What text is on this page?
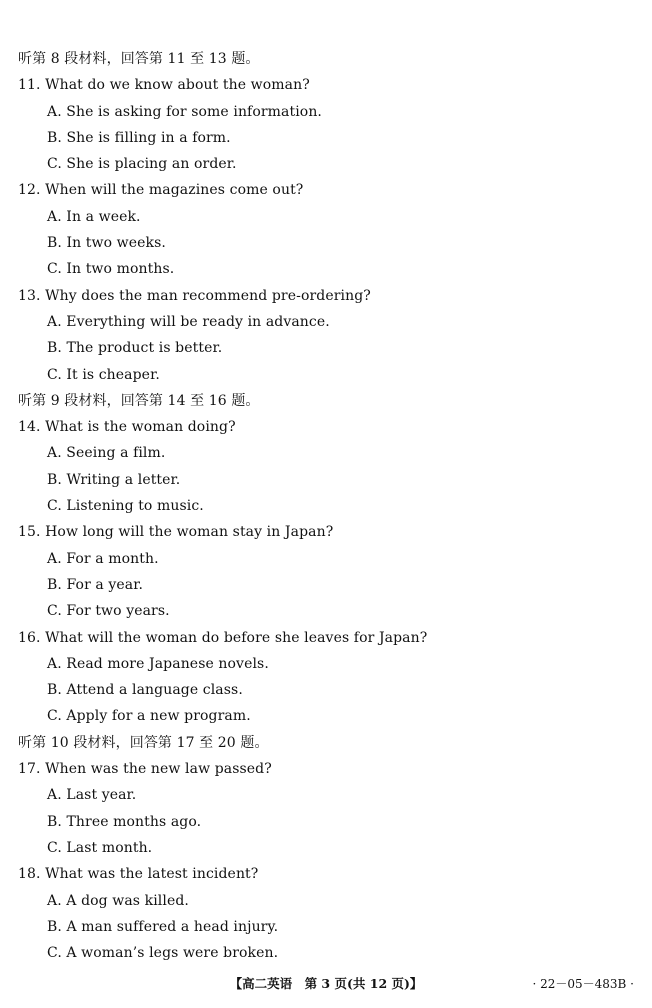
听第 8 段材料，回答第 11 至 13 题。
11. What do we know about the woman?
A. She is asking for some information.
B. She is filling in a form.
C. She is placing an order.
12. When will the magazines come out?
A. In a week.
B. In two weeks.
C. In two months.
13. Why does the man recommend pre-ordering?
A. Everything will be ready in advance.
B. The product is better.
C. It is cheaper.
听第 9 段材料，回答第 14 至 16 题。
14. What is the woman doing?
A. Seeing a film.
B. Writing a letter.
C. Listening to music.
15. How long will the woman stay in Japan?
A. For a month.
B. For a year.
C. For two years.
16. What will the woman do before she leaves for Japan?
A. Read more Japanese novels.
B. Attend a language class.
C. Apply for a new program.
听第 10 段材料，回答第 17 至 20 题。
17. When was the new law passed?
A. Last year.
B. Three months ago.
C. Last month.
18. What was the latest incident?
A. A dog was killed.
B. A man suffered a head injury.
C. A woman’s legs were broken.
【高二英语　第 3 页(共 12 页)】	· 22－05－483B ·
